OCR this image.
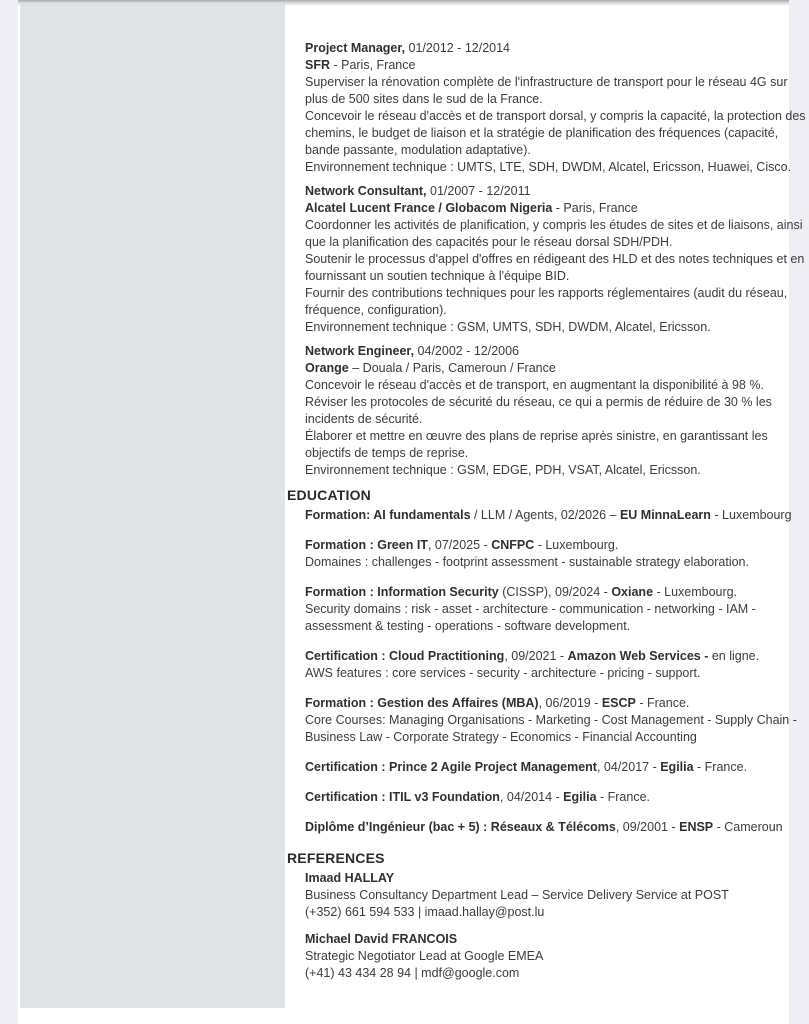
Project Manager, 01/2012 - 12/2014

SFR - Paris, France

Superviser la rénovation complète de l'infrastructure de transport pour le réseau 4G sur

plus de 500 sites dans le sud de la France.

Concevoir le réseau d'accès et de transport dorsal, y compris la capacité, la protection des

chemins, le budget de liaison et la stratégie de planification des fréquences (capacité,

bande passante, modulation adaptative).

Environnement technique : UMTS, LTE, SDH, DWDM, Alcatel, Ericsson, Huawei, Cisco.

Network Consultant, 01/2007 - 12/2011

Alcatel Lucent France / Globacom Nigeria - Paris, France

Coordonner les activités de planification, y compris les études de sites et de liaisons, ainsi

que la planification des capacités pour le réseau dorsal SDH/PDH.

Soutenir le processus d'appel d'offres en rédigeant des HLD et des notes techniques et en

fournissant un soutien technique à l'équipe BID.

Fournir des contributions techniques pour les rapports réglementaires (audit du réseau,

fréquence, configuration).

Environnement technique : GSM, UMTS, SDH, DWDM, Alcatel, Ericsson.

Network Engineer, 04/2002 - 12/2006

Orange – Douala / Paris, Cameroun / France

Concevoir le réseau d'accès et de transport, en augmentant la disponibilité à 98 %.

Réviser les protocoles de sécurité du réseau, ce qui a permis de réduire de 30 % les

incidents de sécurité.

Élaborer et mettre en œuvre des plans de reprise après sinistre, en garantissant les

objectifs de temps de reprise.

Environnement technique : GSM, EDGE, PDH, VSAT, Alcatel, Ericsson.

EDUCATION

Formation: AI fundamentals / LLM / Agents, 02/2026 – EU MinnaLearn - Luxembourg

Formation : Green IT, 07/2025 - CNFPC - Luxembourg.

Domaines : challenges - footprint assessment - sustainable strategy elaboration.

Formation : Information Security (CISSP), 09/2024 - Oxiane - Luxembourg.

Security domains : risk - asset - architecture - communication - networking - IAM -

assessment & testing - operations - software development.

Certification : Cloud Practitioning, 09/2021 - Amazon Web Services - en ligne.

AWS features : core services - security - architecture - pricing - support.

Formation : Gestion des Affaires (MBA), 06/2019 - ESCP - France.

Core Courses: Managing Organisations - Marketing - Cost Management - Supply Chain -

Business Law - Corporate Strategy - Economics - Financial Accounting

Certification : Prince 2 Agile Project Management, 04/2017 - Egilia - France.

Certification : ITIL v3 Foundation, 04/2014 - Egilia - France.

Diplôme d’Ingénieur (bac + 5) : Réseaux & Télécoms, 09/2001 - ENSP - Cameroun

REFERENCES

Imaad HALLAY

Business Consultancy Department Lead – Service Delivery Service at POST

(+352) 661 594 533 | imaad.hallay@post.lu

Michael David FRANCOIS

Strategic Negotiator Lead at Google EMEA

(+41) 43 434 28 94 | mdf@google.com
